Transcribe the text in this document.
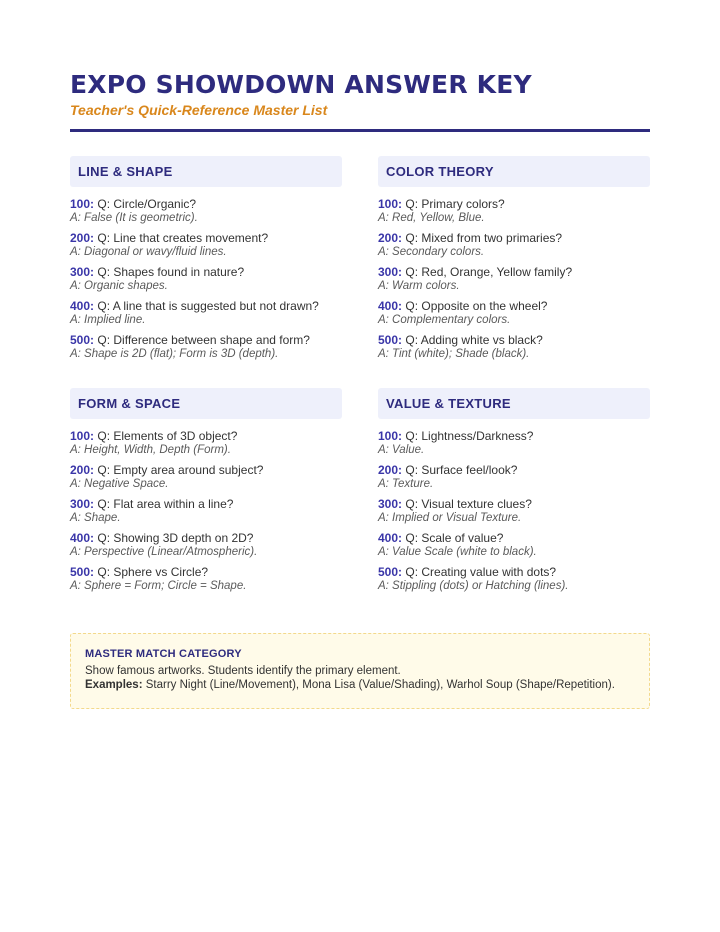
EXPO SHOWDOWN ANSWER KEY
Teacher's Quick-Reference Master List
LINE & SHAPE
100: Q: Circle/Organic?
A: False (It is geometric).
200: Q: Line that creates movement?
A: Diagonal or wavy/fluid lines.
300: Q: Shapes found in nature?
A: Organic shapes.
400: Q: A line that is suggested but not drawn?
A: Implied line.
500: Q: Difference between shape and form?
A: Shape is 2D (flat); Form is 3D (depth).
COLOR THEORY
100: Q: Primary colors?
A: Red, Yellow, Blue.
200: Q: Mixed from two primaries?
A: Secondary colors.
300: Q: Red, Orange, Yellow family?
A: Warm colors.
400: Q: Opposite on the wheel?
A: Complementary colors.
500: Q: Adding white vs black?
A: Tint (white); Shade (black).
FORM & SPACE
100: Q: Elements of 3D object?
A: Height, Width, Depth (Form).
200: Q: Empty area around subject?
A: Negative Space.
300: Q: Flat area within a line?
A: Shape.
400: Q: Showing 3D depth on 2D?
A: Perspective (Linear/Atmospheric).
500: Q: Sphere vs Circle?
A: Sphere = Form; Circle = Shape.
VALUE & TEXTURE
100: Q: Lightness/Darkness?
A: Value.
200: Q: Surface feel/look?
A: Texture.
300: Q: Visual texture clues?
A: Implied or Visual Texture.
400: Q: Scale of value?
A: Value Scale (white to black).
500: Q: Creating value with dots?
A: Stippling (dots) or Hatching (lines).
MASTER MATCH CATEGORY
Show famous artworks. Students identify the primary element.
Examples: Starry Night (Line/Movement), Mona Lisa (Value/Shading), Warhol Soup (Shape/Repetition).
